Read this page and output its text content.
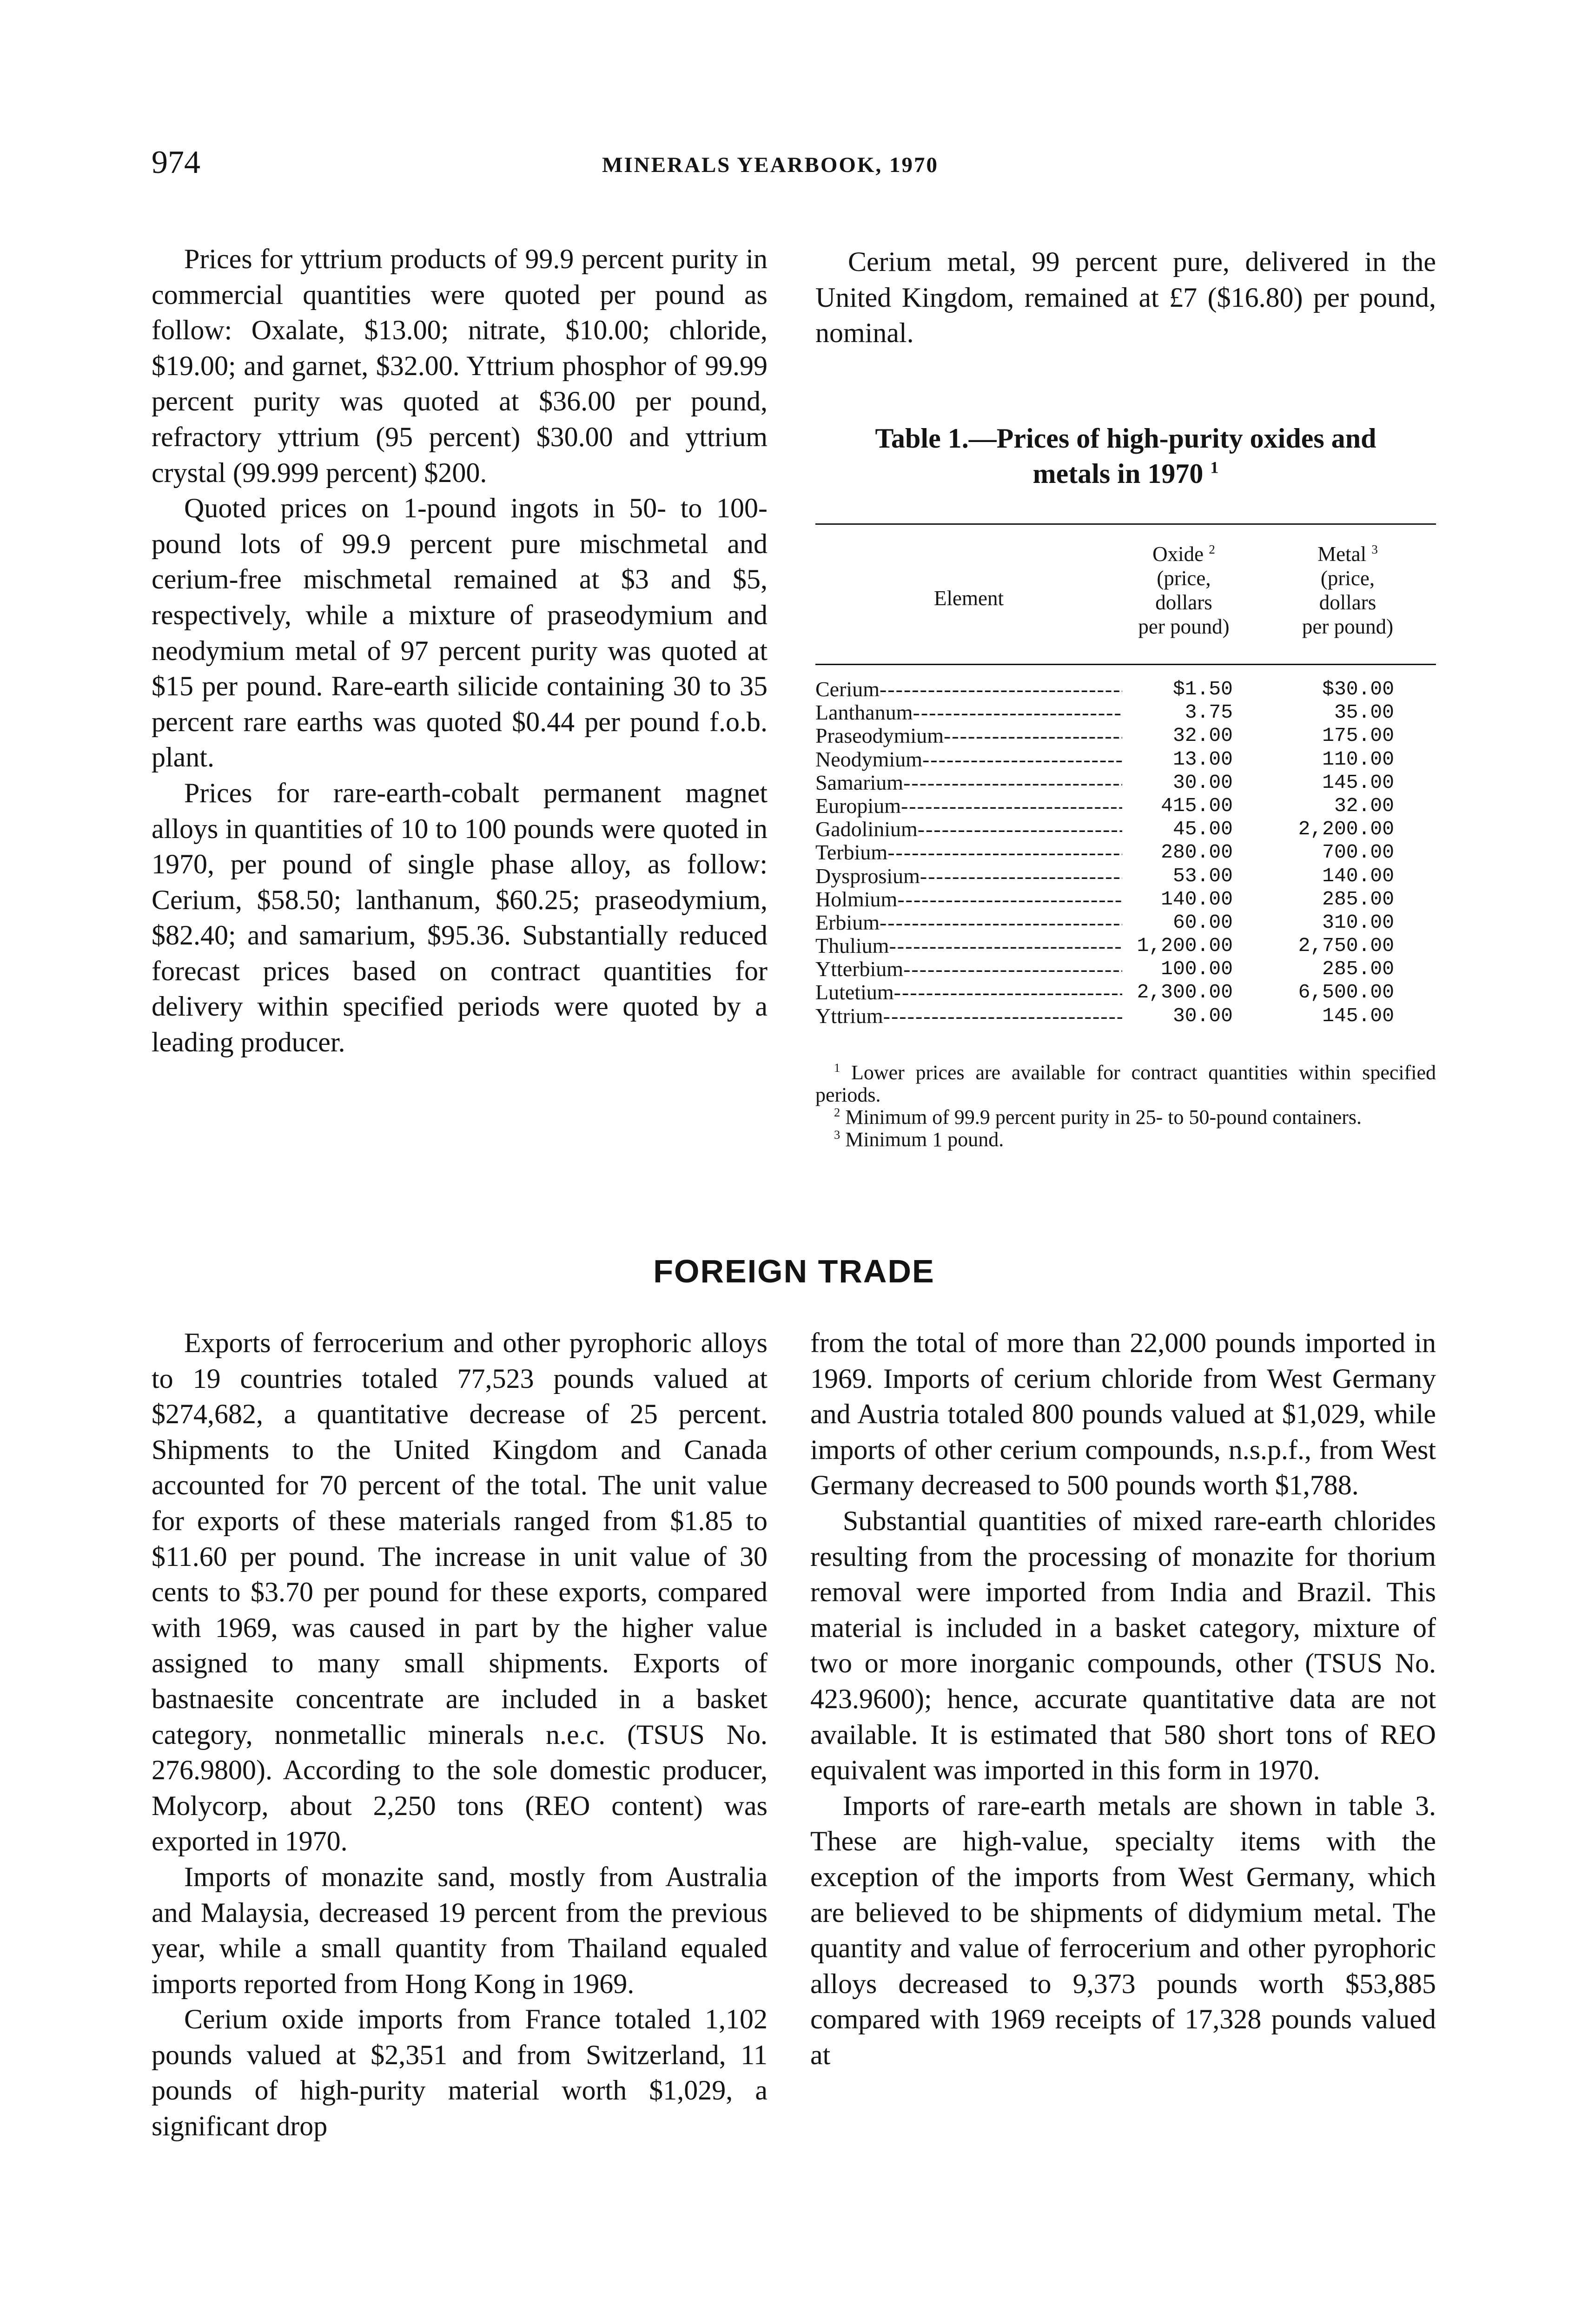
974	MINERALS YEARBOOK, 1970

Prices for yttrium products of 99.9 percent purity in commercial quantities were quoted per pound as follow: Oxalate, $13.00; nitrate, $10.00; chloride, $19.00; and garnet, $32.00. Yttrium phosphor of 99.99 percent purity was quoted at $36.00 per pound, refractory yttrium (95 percent) $30.00 and yttrium crystal (99.999 percent) $200.

Quoted prices on 1-pound ingots in 50- to 100-pound lots of 99.9 percent pure mischmetal and cerium-free mischmetal remained at $3 and $5, respectively, while a mixture of praseodymium and neodymium metal of 97 percent purity was quoted at $15 per pound. Rare-earth silicide containing 30 to 35 percent rare earths was quoted $0.44 per pound f.o.b. plant.

Prices for rare-earth-cobalt permanent magnet alloys in quantities of 10 to 100 pounds were quoted in 1970, per pound of single phase alloy, as follow: Cerium, $58.50; lanthanum, $60.25; praseodymium, $82.40; and samarium, $95.36. Substantially reduced forecast prices based on contract quantities for delivery within specified periods were quoted by a leading producer.

Cerium metal, 99 percent pure, delivered in the United Kingdom, remained at £7 ($16.80) per pound, nominal.

Table 1.—Prices of high-purity oxides and
metals in 1970 $^1$
Element
Oxide $^2$
(price,
dollars
per pound)
Metal $^3$
(price,
dollars
per pound)
Cerium -----	$1.50	$30.00
Lanthanum -----	3.75	35.00
Praseodymium -----	32.00	175.00
Neodymium -----	13.00	110.00
Samarium -----	30.00	145.00
Europium -----	415.00	32.00
Gadolinium -----	45.00	2,200.00
Terbium -----	280.00	700.00
Dysprosium -----	53.00	140.00
Holmium -----	140.00	285.00
Erbium -----	60.00	310.00
Thulium -----	1,200.00	2,750.00
Ytterbium -----	100.00	285.00
Lutetium -----	2,300.00	6,500.00
Yttrium -----	30.00	145.00

$^1$ Lower prices are available for contract quantities within specified periods.

$^2$ Minimum of 99.9 percent purity in 25- to 50-pound containers.

$^3$ Minimum 1 pound.

FOREIGN TRADE

Exports of ferrocerium and other pyrophoric alloys to 19 countries totaled 77,523 pounds valued at $274,682, a quantitative decrease of 25 percent. Shipments to the United Kingdom and Canada accounted for 70 percent of the total. The unit value for exports of these materials ranged from $1.85 to $11.60 per pound. The increase in unit value of 30 cents to $3.70 per pound for these exports, compared with 1969, was caused in part by the higher value assigned to many small shipments. Exports of bastnaesite concentrate are included in a basket category, nonmetallic minerals n.e.c. (TSUS No. 276.9800). According to the sole domestic producer, Molycorp, about 2,250 tons (REO content) was exported in 1970.

Imports of monazite sand, mostly from Australia and Malaysia, decreased 19 percent from the previous year, while a small quantity from Thailand equaled imports reported from Hong Kong in 1969.

Cerium oxide imports from France totaled 1,102 pounds valued at $2,351 and from Switzerland, 11 pounds of high-purity material worth $1,029, a significant drop

from the total of more than 22,000 pounds imported in 1969. Imports of cerium chloride from West Germany and Austria totaled 800 pounds valued at $1,029, while imports of other cerium compounds, n.s.p.f., from West Germany decreased to 500 pounds worth $1,788.

Substantial quantities of mixed rare-earth chlorides resulting from the processing of monazite for thorium removal were imported from India and Brazil. This material is included in a basket category, mixture of two or more inorganic compounds, other (TSUS No. 423.9600); hence, accurate quantitative data are not available. It is estimated that 580 short tons of REO equivalent was imported in this form in 1970.

Imports of rare-earth metals are shown in table 3. These are high-value, specialty items with the exception of the imports from West Germany, which are believed to be shipments of didymium metal. The quantity and value of ferrocerium and other pyrophoric alloys decreased to 9,373 pounds worth $53,885 compared with 1969 receipts of 17,328 pounds valued at
